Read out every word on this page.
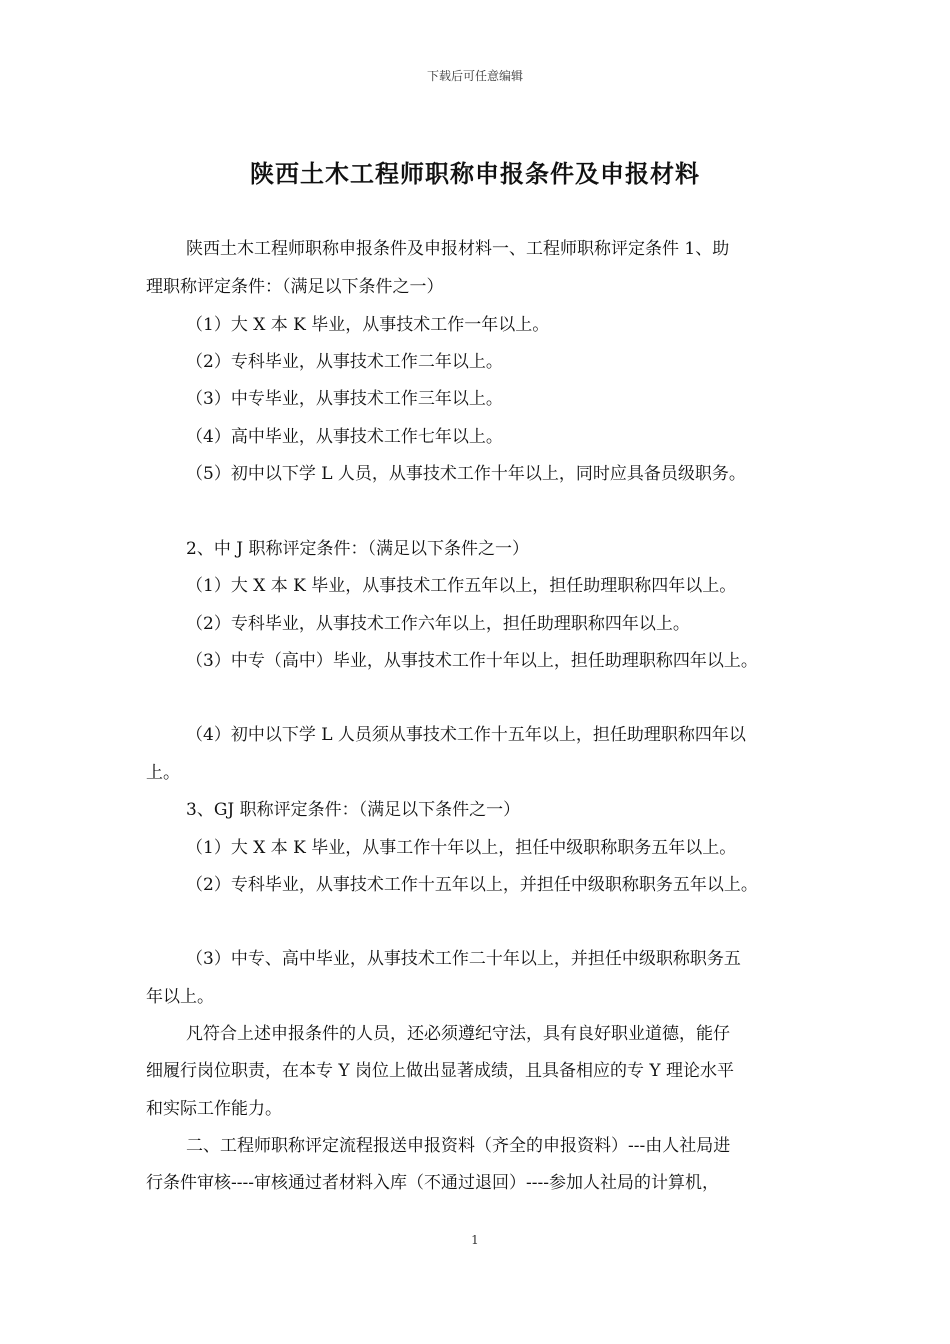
下载后可任意编辑
陕西土木工程师职称申报条件及申报材料
陕西土木工程师职称申报条件及申报材料一、工程师职称评定条件 1、助
理职称评定条件：（满足以下条件之一）
（1）大 X 本 K 毕业，从事技术工作一年以上。
（2）专科毕业，从事技术工作二年以上。
（3）中专毕业，从事技术工作三年以上。
（4）高中毕业，从事技术工作七年以上。
（5）初中以下学 L 人员，从事技术工作十年以上，同时应具备员级职务。
2、中 J 职称评定条件：（满足以下条件之一）
（1）大 X 本 K 毕业，从事技术工作五年以上，担任助理职称四年以上。
（2）专科毕业，从事技术工作六年以上，担任助理职称四年以上。
（3）中专（高中）毕业，从事技术工作十年以上，担任助理职称四年以上。
（4）初中以下学 L 人员须从事技术工作十五年以上，担任助理职称四年以
上。
3、GJ 职称评定条件：（满足以下条件之一）
（1）大 X 本 K 毕业，从事工作十年以上，担任中级职称职务五年以上。
（2）专科毕业，从事技术工作十五年以上，并担任中级职称职务五年以上。
（3）中专、高中毕业，从事技术工作二十年以上，并担任中级职称职务五
年以上。
凡符合上述申报条件的人员，还必须遵纪守法，具有良好职业道德，能仔
细履行岗位职责，在本专 Y 岗位上做出显著成绩，且具备相应的专 Y 理论水平
和实际工作能力。
二、工程师职称评定流程报送申报资料（齐全的申报资料）---由人社局进
行条件审核----审核通过者材料入库（不通过退回）----参加人社局的计算机，
1
